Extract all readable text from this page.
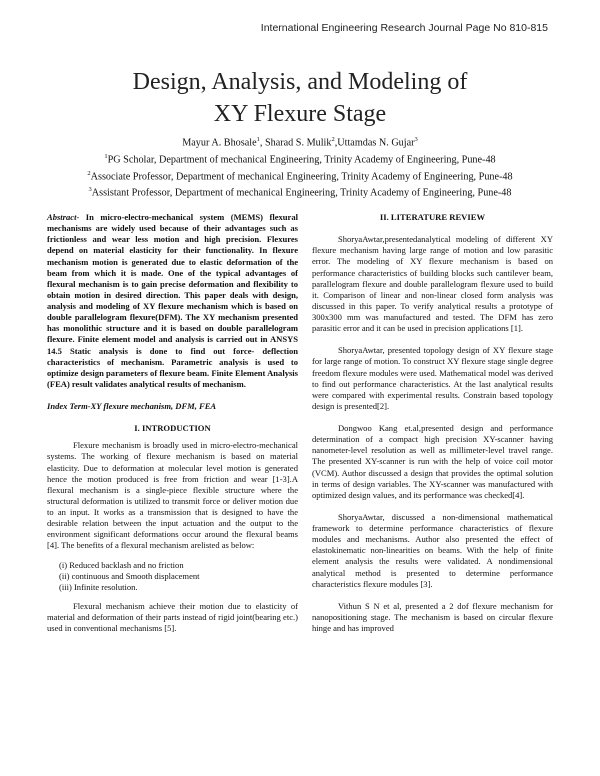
International Engineering Research Journal Page No 810-815
Design, Analysis, and Modeling of
XY Flexure Stage
Mayur A. Bhosale$^1$, Sharad S. Mulik$^2$,Uttamdas N. Gujar$^3$
$^1$PG Scholar, Department of mechanical Engineering, Trinity Academy of Engineering, Pune-48
$^2$Associate Professor, Department of mechanical Engineering, Trinity Academy of Engineering, Pune-48
$^3$Assistant Professor, Department of mechanical Engineering, Trinity Academy of Engineering, Pune-48

Abstract- In micro-electro-mechanical system (MEMS) flexural mechanisms are widely used because of their advantages such as frictionless and wear less motion and high precision. Flexures depend on material elasticity for their functionality. In flexure mechanism motion is generated due to elastic deformation of the beam from which it is made. One of the typical advantages of flexural mechanism is to gain precise deformation and flexibility to obtain motion in desired direction. This paper deals with design, analysis and modeling of XY flexure mechanism which is based on double parallelogram flexure(DFM). The XY mechanism presented has monolithic structure and it is based on double parallelogram flexure. Finite element model and analysis is carried out in ANSYS 14.5 Static analysis is done to find out force- deflection characteristics of mechanism. Parametric analysis is used to optimize design parameters of flexure beam. Finite Element Analysis (FEA) result validates analytical results of mechanism.

Index Term-XY flexure mechanism, DFM, FEA

I. INTRODUCTION

Flexure mechanism is broadly used in micro-electro-mechanical systems. The working of flexure mechanism is based on material elasticity. Due to deformation at molecular level motion is generated hence the motion produced is free from friction and wear [1-3].A flexural mechanism is a single-piece flexible structure where the structural deformation is utilized to transmit force or deliver motion due to an input. It works as a transmission that is designed to have the desirable relation between the input actuation and the output to the environment significant deformations occur around the flexural beams [4]. The benefits of a flexural mechanism arelisted as below:

(i) Reduced backlash and no friction
(ii) continuous and Smooth displacement
(iii) Infinite resolution.

Flexural mechanism achieve their motion due to elasticity of material and deformation of their parts instead of rigid joint(bearing etc.) used in conventional mechanisms [5].

II. LITERATURE REVIEW

ShoryaAwtar,presentedanalytical modeling of different XY flexure mechanism having large range of motion and low parasitic error. The modeling of XY flexure mechanism is based on performance characteristics of building blocks such cantilever beam, parallelogram flexure and double parallelogram flexure used to build it. Comparison of linear and non-linear closed form analysis was discussed in this paper. To verify analytical results a prototype of 300x300 mm was manufactured and tested. The DFM has zero parasitic error and it can be used in precision applications [1].

ShoryaAwtar, presented topology design of XY flexure stage for large range of motion. To construct XY flexure stage single degree freedom flexure modules were used. Mathematical model was derived to find out performance characteristics. At the last analytical results were compared with experimental results. Constrain based topology design is presented[2].

Dongwoo Kang et.al,presented design and performance determination of a compact high precision XY-scanner having nanometer-level resolution as well as millimeter-level travel range. The presented XY-scanner is run with the help of voice coil motor (VCM). Author discussed a design that provides the optimal solution in terms of design variables. The XY-scanner was manufactured with optimized design values, and its performance was checked[4].

ShoryaAwtar, discussed a non-dimensional mathematical framework to determine performance characteristics of flexure modules and mechanisms. Author also presented the effect of elastokinematic non-linearities on beams. With the help of finite element analysis the results were validated. A nondimensional analytical method is presented to determine performance characteristics flexure modules [3].

Vithun S N et al, presented a 2 dof flexure mechanism for nanopositioning stage. The mechanism is based on circular flexure hinge and has improved
